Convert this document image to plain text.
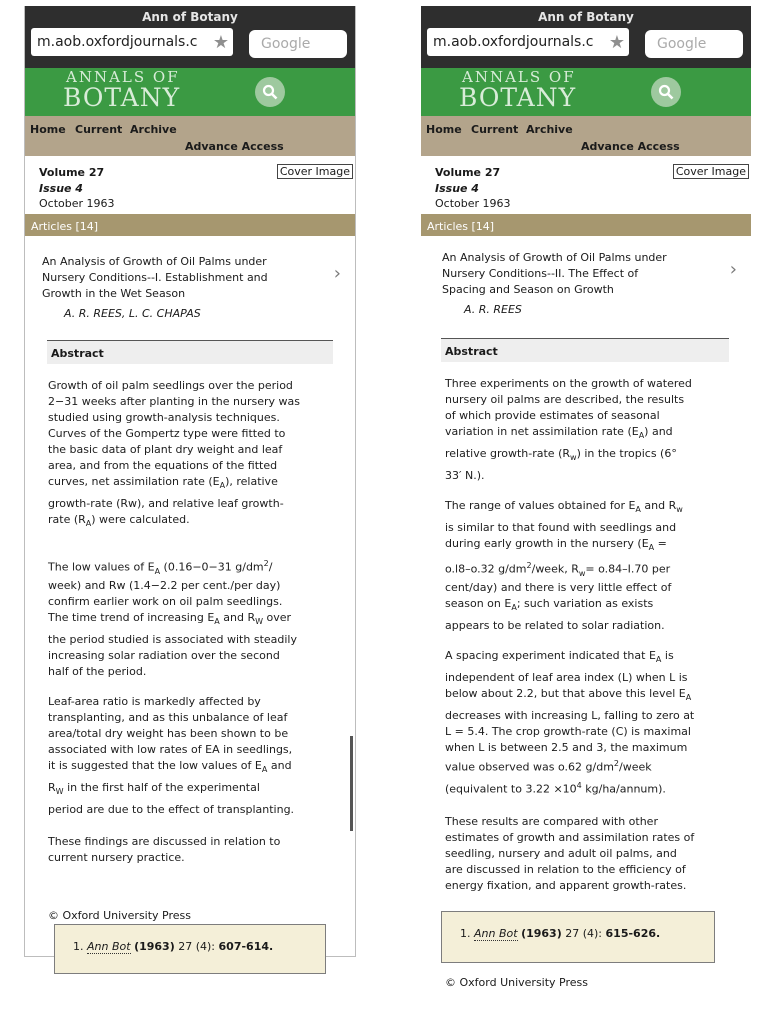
Ann of Botany
m.aob.oxfordjournals.c ★	Google
ANNALS OF
BOTANY
Home Current Archive
Advance Access
Volume 27
Issue 4
October 1963
Cover Image
Articles [14]
An Analysis of Growth of Oil Palms under
Nursery Conditions--I. Establishment and
Growth in the Wet Season
A. R. REES, L. C. CHAPAS
›
Abstract
Growth of oil palm seedlings over the period
2−31 weeks after planting in the nursery was
studied using growth-analysis techniques.
Curves of the Gompertz type were fitted to
the basic data of plant dry weight and leaf
area, and from the equations of the fitted
curves, net assimilation rate $(E_A)$, relative
growth-rate (Rw), and relative leaf growth-
rate $(R_A)$ were calculated.
The low values of $E_A$ (0.16−0−31 $g/dm^2/$
week) and Rw (1.4−2.2 per cent./per day)
confirm earlier work on oil palm seedlings.
The time trend of increasing $E_A$ and $R_W$ over
the period studied is associated with steadily
increasing solar radiation over the second
half of the period.
Leaf-area ratio is markedly affected by
transplanting, and as this unbalance of leaf
area/total dry weight has been shown to be
associated with low rates of EA in seedlings,
it is suggested that the low values of $E_A$ and
$R_W$ in the first half of the experimental
period are due to the effect of transplanting.
These findings are discussed in relation to
current nursery practice.
© Oxford University Press
1. Ann Bot (1963) 27 (4): 607-614.
Ann of Botany
m.aob.oxfordjournals.c ★	Google
ANNALS OF
BOTANY
Home Current Archive
Advance Access
Volume 27
Issue 4
October 1963
Cover Image
Articles [14]
An Analysis of Growth of Oil Palms under
Nursery Conditions--II. The Effect of
Spacing and Season on Growth
A. R. REES
›
Abstract
Three experiments on the growth of watered
nursery oil palms are described, the results
of which provide estimates of seasonal
variation in net assimilation rate $(E_A)$ and
relative growth-rate $(R_w)$ in the tropics (6°
33′ N.).
The range of values obtained for $E_A$ and $R_w$
is similar to that found with seedlings and
during early growth in the nursery ($E_A$ =
o.l8–o.32 $g/dm^2$/week, $R_w= o.84-I.70$ per
cent/day) and there is very little effect of
season on $E_A$; such variation as exists
appears to be related to solar radiation.
A spacing experiment indicated that $E_A$ is
independent of leaf area index (L) when L is
below about 2.2, but that above this level $E_A$
decreases with increasing L, falling to zero at
L = 5.4. The crop growth-rate (C) is maximal
when L is between 2.5 and 3, the maximum
value observed was o.62 $g/dm^2$/week
(equivalent to $3.22 \times 10^4$ kg/ha/annum).
These results are compared with other
estimates of growth and assimilation rates of
seedling, nursery and adult oil palms, and
are discussed in relation to the efficiency of
energy fixation, and apparent growth-rates.
1. Ann Bot (1963) 27 (4): 615-626.
© Oxford University Press
